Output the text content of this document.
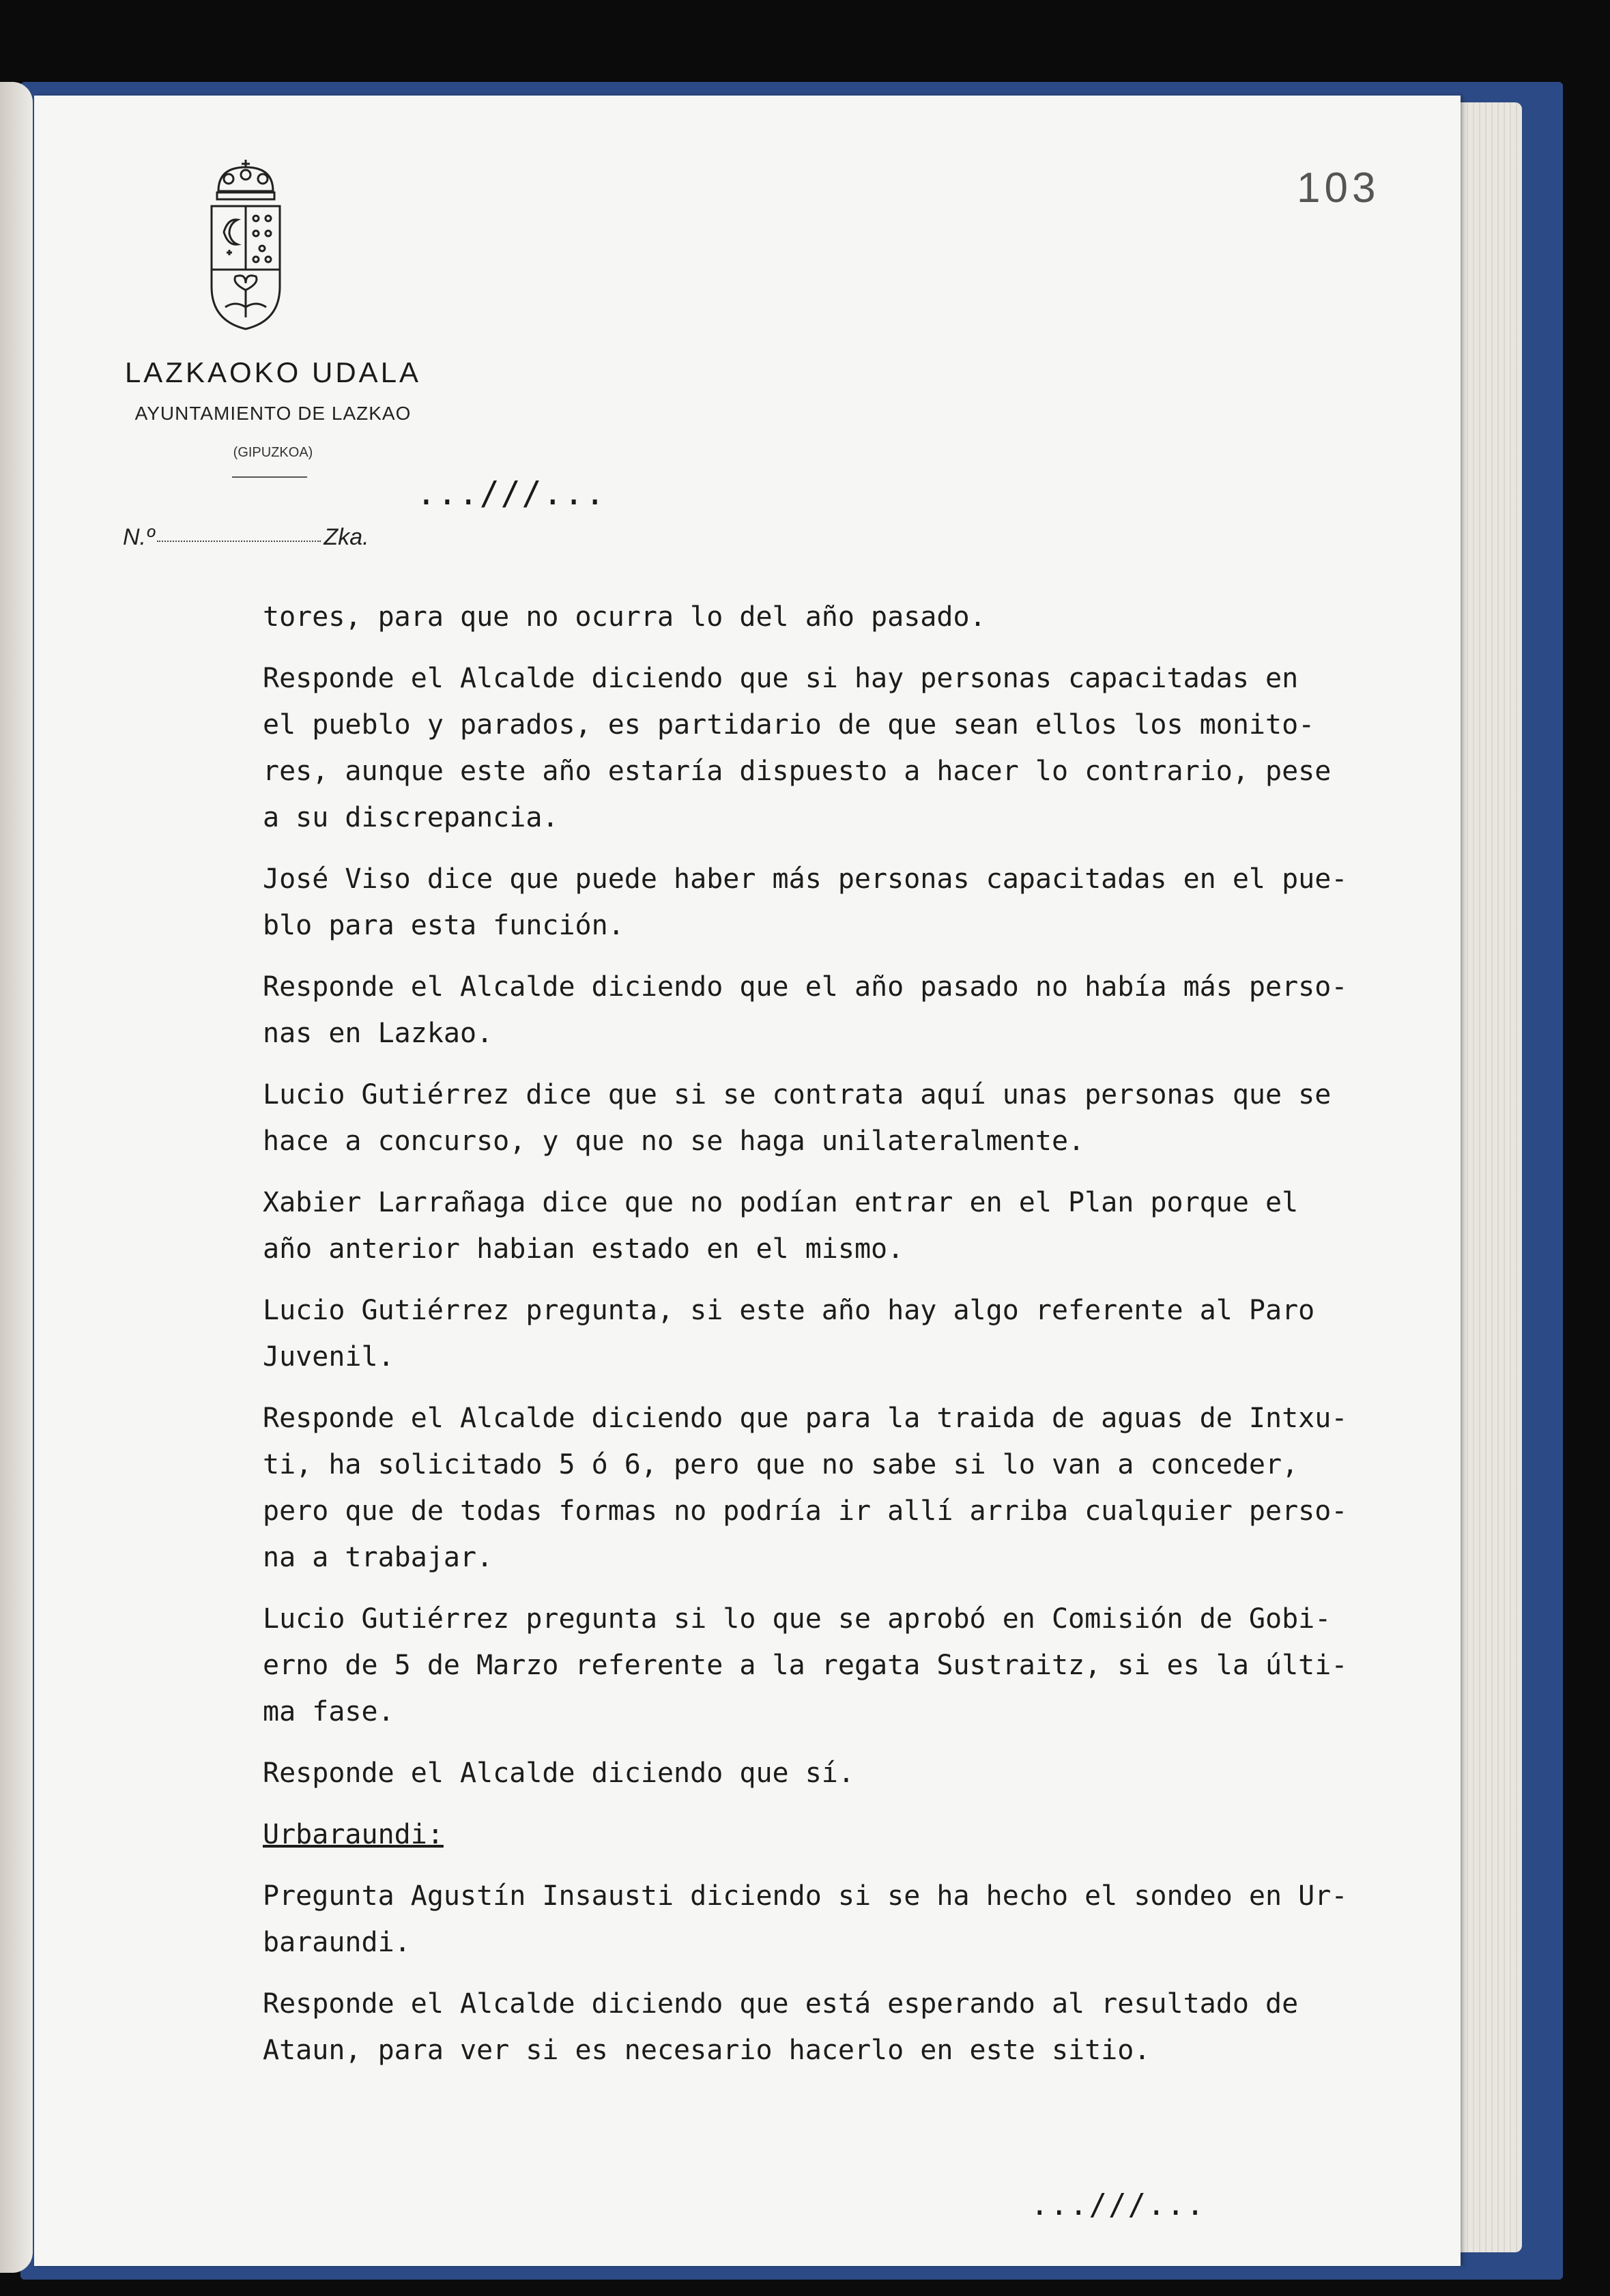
LAZKAOKO UDALA
AYUNTAMIENTO DE LAZKAO
(GIPUZKOA)
N.º	Zka.
103
...///...

tores, para que no ocurra lo del año pasado.

Responde el Alcalde diciendo que si hay personas capacitadas en
el pueblo y parados, es partidario de que sean ellos los monito-
res, aunque este año estaría dispuesto a hacer lo contrario, pese
a su discrepancia.

José Viso dice que puede haber más personas capacitadas en el pue-
blo para esta función.

Responde el Alcalde diciendo que el año pasado no había más perso-
nas en Lazkao.

Lucio Gutiérrez dice que si se contrata aquí unas personas que se
hace a concurso, y que no se haga unilateralmente.

Xabier Larrañaga dice que no podían entrar en el Plan porque el
año anterior habian estado en el mismo.

Lucio Gutiérrez pregunta, si este año hay algo referente al Paro
Juvenil.

Responde el Alcalde diciendo que para la traida de aguas de Intxu-
ti, ha solicitado 5 ó 6, pero que no sabe si lo van a conceder,
pero que de todas formas no podría ir allí arriba cualquier perso-
na a trabajar.

Lucio Gutiérrez pregunta si lo que se aprobó en Comisión de Gobi-
erno de 5 de Marzo referente a la regata Sustraitz, si es la últi-
ma fase.

Responde el Alcalde diciendo que sí.

Urbaraundi:

Pregunta Agustín Insausti diciendo si se ha hecho el sondeo en Ur-
baraundi.

Responde el Alcalde diciendo que está esperando al resultado de
Ataun, para ver si es necesario hacerlo en este sitio.

...///...
